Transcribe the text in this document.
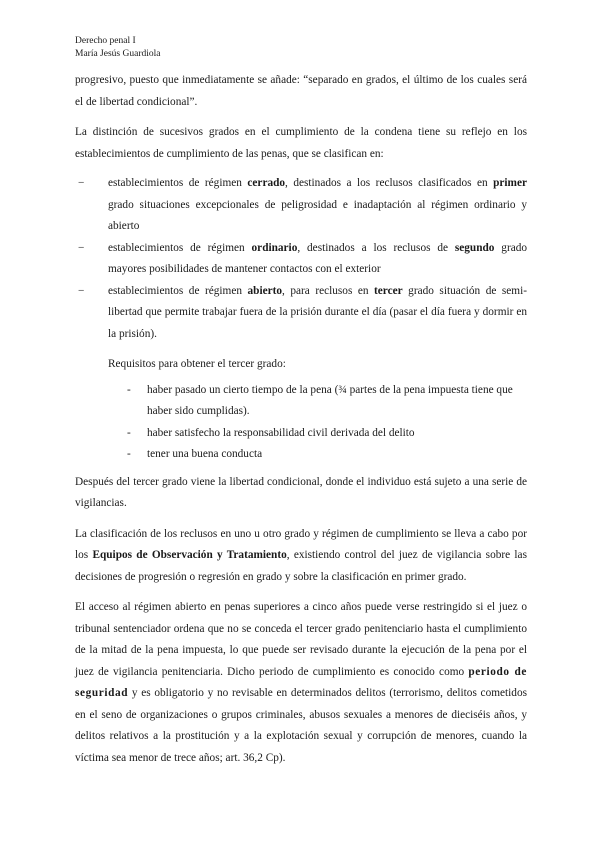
Derecho penal I
María Jesús Guardiola

progresivo, puesto que inmediatamente se añade: “separado en grados, el último de los cuales será el de libertad condicional”.

La distinción de sucesivos grados en el cumplimiento de la condena tiene su reflejo en los establecimientos de cumplimiento de las penas, que se clasifican en:

− establecimientos de régimen cerrado, destinados a los reclusos clasificados en primer grado situaciones excepcionales de peligrosidad e inadaptación al régimen ordinario y abierto
− establecimientos de régimen ordinario, destinados a los reclusos de segundo grado mayores posibilidades de mantener contactos con el exterior
− establecimientos de régimen abierto, para reclusos en tercer grado situación de semi-libertad que permite trabajar fuera de la prisión durante el día (pasar el día fuera y dormir en la prisión).
Requisitos para obtener el tercer grado:
- haber pasado un cierto tiempo de la pena (¾ partes de la pena impuesta tiene que haber sido cumplidas).
- haber satisfecho la responsabilidad civil derivada del delito
- tener una buena conducta

Después del tercer grado viene la libertad condicional, donde el individuo está sujeto a una serie de vigilancias.

La clasificación de los reclusos en uno u otro grado y régimen de cumplimiento se lleva a cabo por los Equipos de Observación y Tratamiento, existiendo control del juez de vigilancia sobre las decisiones de progresión o regresión en grado y sobre la clasificación en primer grado.

El acceso al régimen abierto en penas superiores a cinco años puede verse restringido si el juez o tribunal sentenciador ordena que no se conceda el tercer grado penitenciario hasta el cumplimiento de la mitad de la pena impuesta, lo que puede ser revisado durante la ejecución de la pena por el juez de vigilancia penitenciaria. Dicho periodo de cumplimiento es conocido como periodo de seguridad y es obligatorio y no revisable en determinados delitos (terrorismo, delitos cometidos en el seno de organizaciones o grupos criminales, abusos sexuales a menores de dieciséis años, y delitos relativos a la prostitución y a la explotación sexual y corrupción de menores, cuando la víctima sea menor de trece años; art. 36,2 Cp).
